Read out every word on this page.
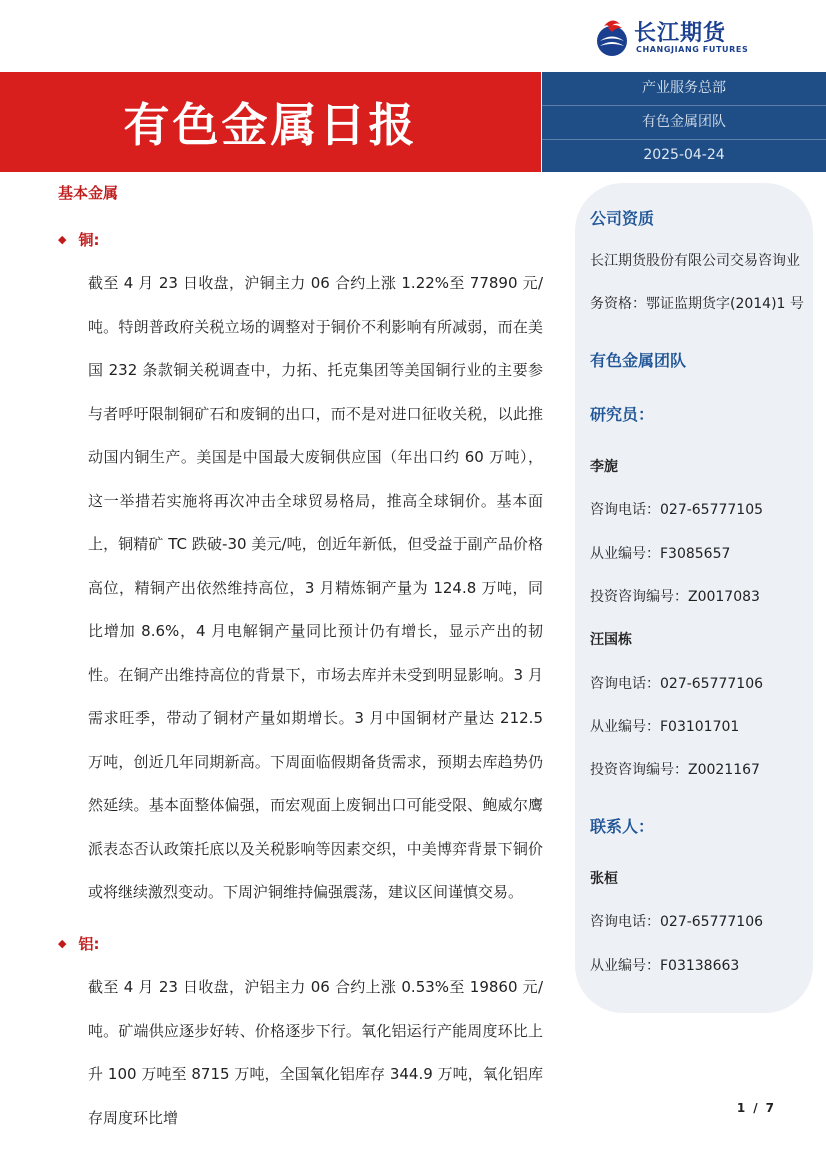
长江期货
CHANGJIANG FUTURES
有色金属日报
产业服务总部
有色金属团队
2025-04-24
基本金属
◆ 铜:
截至 4 月 23 日收盘，沪铜主力 06 合约上涨 1.22%至 77890 元/吨。特朗普政府关税立场的调整对于铜价不利影响有所减弱，而在美国 232 条款铜关税调查中，力拓、托克集团等美国铜行业的主要参与者呼吁限制铜矿石和废铜的出口，而不是对进口征收关税，以此推动国内铜生产。美国是中国最大废铜供应国（年出口约 60 万吨），这一举措若实施将再次冲击全球贸易格局，推高全球铜价。基本面上，铜精矿 TC 跌破-30 美元/吨，创近年新低，但受益于副产品价格高位，精铜产出依然维持高位，3 月精炼铜产量为 124.8 万吨，同比增加 8.6%，4 月电解铜产量同比预计仍有增长，显示产出的韧性。在铜产出维持高位的背景下，市场去库并未受到明显影响。3 月需求旺季，带动了铜材产量如期增长。3 月中国铜材产量达 212.5 万吨，创近几年同期新高。下周面临假期备货需求，预期去库趋势仍然延续。基本面整体偏强，而宏观面上废铜出口可能受限、鲍威尔鹰派表态否认政策托底以及关税影响等因素交织，中美博弈背景下铜价或将继续激烈变动。下周沪铜维持偏强震荡，建议区间谨慎交易。
◆ 铝:
截至 4 月 23 日收盘，沪铝主力 06 合约上涨 0.53%至 19860 元/吨。矿端供应逐步好转、价格逐步下行。氧化铝运行产能周度环比上升 100 万吨至 8715 万吨，全国氧化铝库存 344.9 万吨，氧化铝库存周度环比增
公司资质
长江期货股份有限公司交易咨询业
务资格：鄂证监期货字(2014)1 号
有色金属团队
研究员：
李旎
咨询电话：027-65777105
从业编号：F3085657
投资咨询编号：Z0017083
汪国栋
咨询电话：027-65777106
从业编号：F03101701
投资咨询编号：Z0021167
联系人：
张桓
咨询电话：027-65777106
从业编号：F03138663
1 / 7
